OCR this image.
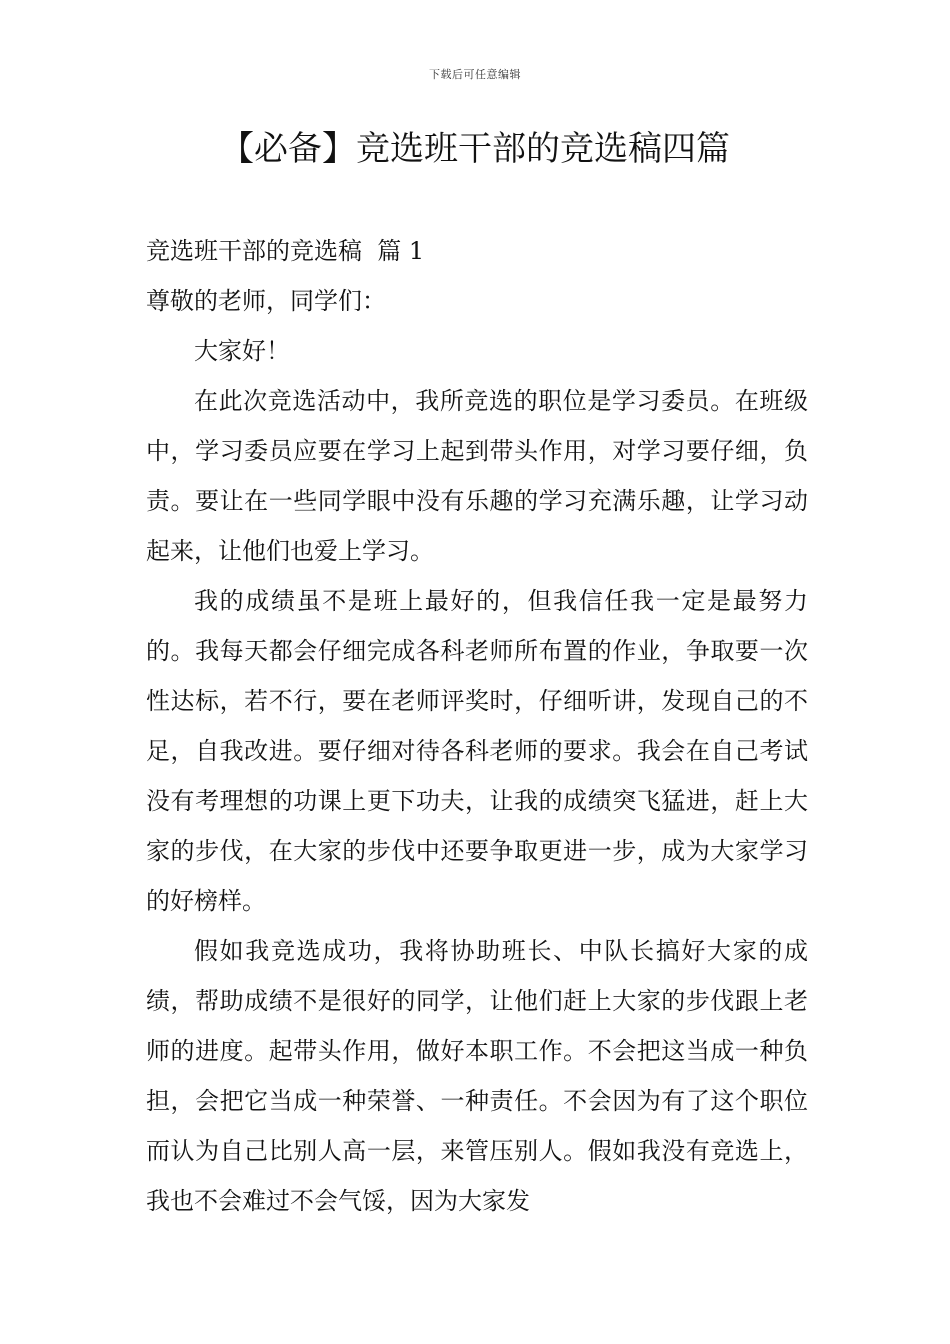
下载后可任意编辑
【必备】竞选班干部的竞选稿四篇

竞选班干部的竞选稿  篇 1

尊敬的老师，同学们：

大家好！

在此次竞选活动中，我所竞选的职位是学习委员。在班级中，学习委员应要在学习上起到带头作用，对学习要仔细，负责。要让在一些同学眼中没有乐趣的学习充满乐趣，让学习动起来，让他们也爱上学习。

我的成绩虽不是班上最好的，但我信任我一定是最努力的。我每天都会仔细完成各科老师所布置的作业，争取要一次性达标，若不行，要在老师评奖时，仔细听讲，发现自己的不足，自我改进。要仔细对待各科老师的要求。我会在自己考试没有考理想的功课上更下功夫，让我的成绩突飞猛进，赶上大家的步伐，在大家的步伐中还要争取更进一步，成为大家学习的好榜样。

假如我竞选成功，我将协助班长、中队长搞好大家的成绩，帮助成绩不是很好的同学，让他们赶上大家的步伐跟上老师的进度。起带头作用，做好本职工作。不会把这当成一种负担，会把它当成一种荣誉、一种责任。不会因为有了这个职位而认为自己比别人高一层，来管压别人。假如我没有竞选上，我也不会难过不会气馁，因为大家发
